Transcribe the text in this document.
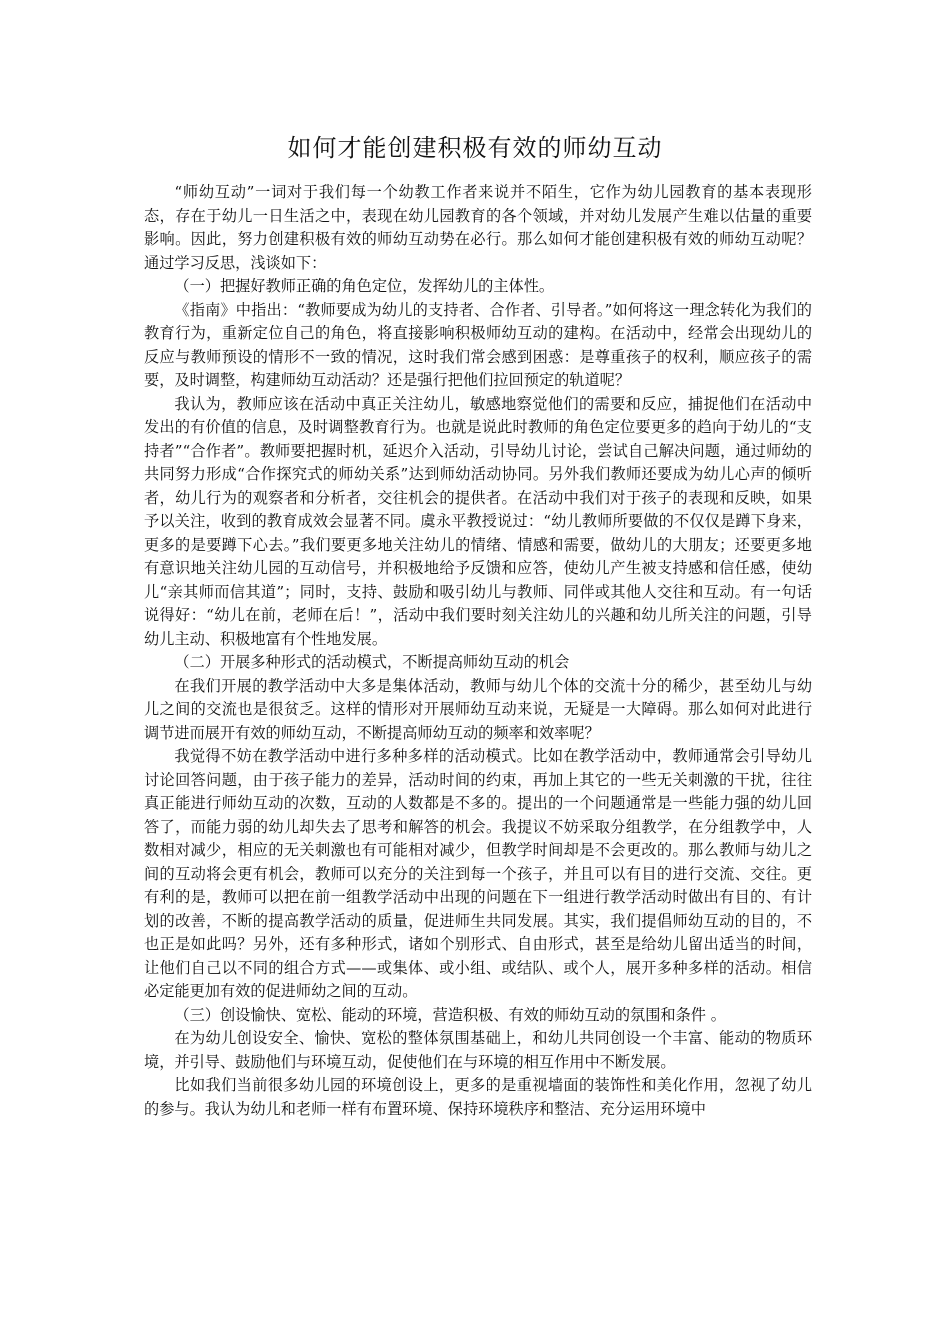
如何才能创建积极有效的师幼互动

“师幼互动”一词对于我们每一个幼教工作者来说并不陌生，它作为幼儿园教育的基本表现形态，存在于幼儿一日生活之中，表现在幼儿园教育的各个领域，并对幼儿发展产生难以估量的重要影响。因此，努力创建积极有效的师幼互动势在必行。那么如何才能创建积极有效的师幼互动呢？通过学习反思，浅谈如下：

（一）把握好教师正确的角色定位，发挥幼儿的主体性。

《指南》中指出：“教师要成为幼儿的支持者、合作者、引导者。”如何将这一理念转化为我们的教育行为，重新定位自己的角色，将直接影响积极师幼互动的建构。在活动中，经常会出现幼儿的反应与教师预设的情形不一致的情况，这时我们常会感到困惑：是尊重孩子的权利，顺应孩子的需要，及时调整，构建师幼互动活动？还是强行把他们拉回预定的轨道呢？

我认为，教师应该在活动中真正关注幼儿，敏感地察觉他们的需要和反应，捕捉他们在活动中发出的有价值的信息，及时调整教育行为。也就是说此时教师的角色定位要更多的趋向于幼儿的“支持者”“合作者”。教师要把握时机，延迟介入活动，引导幼儿讨论，尝试自己解决问题，通过师幼的共同努力形成“合作探究式的师幼关系”达到师幼活动协同。另外我们教师还要成为幼儿心声的倾听者，幼儿行为的观察者和分析者，交往机会的提供者。在活动中我们对于孩子的表现和反映，如果予以关注，收到的教育成效会显著不同。虞永平教授说过：“幼儿教师所要做的不仅仅是蹲下身来，更多的是要蹲下心去。”我们要更多地关注幼儿的情绪、情感和需要，做幼儿的大朋友；还要更多地有意识地关注幼儿园的互动信号，并积极地给予反馈和应答，使幼儿产生被支持感和信任感，使幼儿“亲其师而信其道”；同时，支持、鼓励和吸引幼儿与教师、同伴或其他人交往和互动。有一句话说得好：“幼儿在前，老师在后！”，活动中我们要时刻关注幼儿的兴趣和幼儿所关注的问题，引导幼儿主动、积极地富有个性地发展。

（二）开展多种形式的活动模式，不断提高师幼互动的机会

在我们开展的教学活动中大多是集体活动，教师与幼儿个体的交流十分的稀少，甚至幼儿与幼儿之间的交流也是很贫乏。这样的情形对开展师幼互动来说，无疑是一大障碍。那么如何对此进行调节进而展开有效的师幼互动，不断提高师幼互动的频率和效率呢？

我觉得不妨在教学活动中进行多种多样的活动模式。比如在教学活动中，教师通常会引导幼儿讨论回答问题，由于孩子能力的差异，活动时间的约束，再加上其它的一些无关刺激的干扰，往往真正能进行师幼互动的次数，互动的人数都是不多的。提出的一个问题通常是一些能力强的幼儿回答了，而能力弱的幼儿却失去了思考和解答的机会。我提议不妨采取分组教学，在分组教学中，人数相对减少，相应的无关刺激也有可能相对减少，但教学时间却是不会更改的。那么教师与幼儿之间的互动将会更有机会，教师可以充分的关注到每一个孩子，并且可以有目的进行交流、交往。更有利的是，教师可以把在前一组教学活动中出现的问题在下一组进行教学活动时做出有目的、有计划的改善，不断的提高教学活动的质量，促进师生共同发展。其实，我们提倡师幼互动的目的，不也正是如此吗？另外，还有多种形式，诸如个别形式、自由形式，甚至是给幼儿留出适当的时间，让他们自己以不同的组合方式——或集体、或小组、或结队、或个人，展开多种多样的活动。相信必定能更加有效的促进师幼之间的互动。

（三）创设愉快、宽松、能动的环境，营造积极、有效的师幼互动的氛围和条件 。

在为幼儿创设安全、愉快、宽松的整体氛围基础上，和幼儿共同创设一个丰富、能动的物质环境，并引导、鼓励他们与环境互动，促使他们在与环境的相互作用中不断发展。

比如我们当前很多幼儿园的环境创设上，更多的是重视墙面的装饰性和美化作用，忽视了幼儿的参与。我认为幼儿和老师一样有布置环境、保持环境秩序和整洁、充分运用环境中
